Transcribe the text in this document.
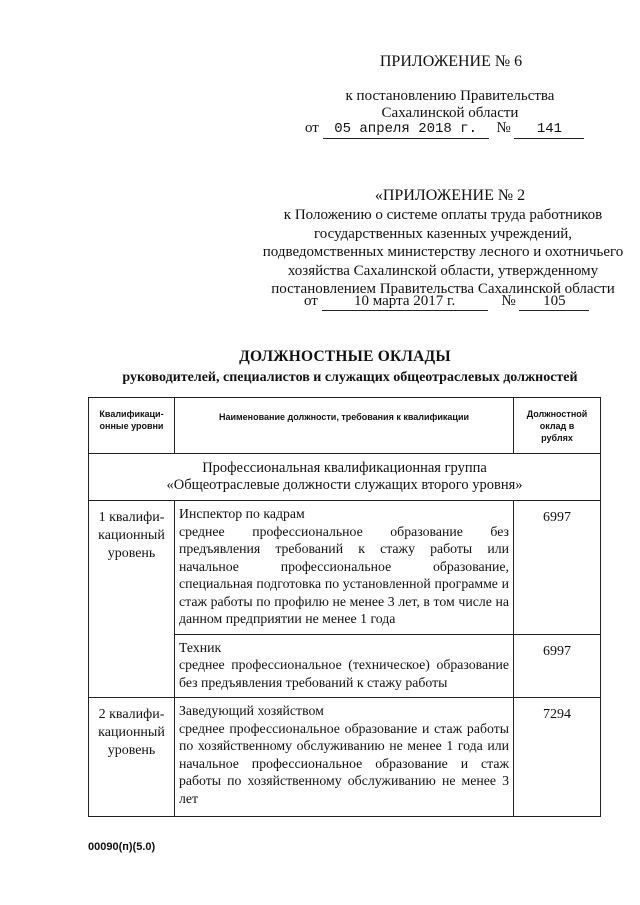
ПРИЛОЖЕНИЕ № 6
к постановлению Правительства
Сахалинской области
от 05 апреля 2018 г. № 141
«ПРИЛОЖЕНИЕ № 2
к Положению о системе оплаты труда работников
государственных казенных учреждений,
подведомственных министерству лесного и охотничьего
хозяйства Сахалинской области, утвержденному
постановлением Правительства Сахалинской области
от 10 марта 2017 г.	№ 105
ДОЛЖНОСТНЫЕ ОКЛАДЫ
руководителей, специалистов и служащих общеотраслевых должностей
Квалификаци-онные уровни	Наименование должности, требования к квалификации	Должностной оклад в рублях

Профессиональная квалификационная группа
«Общеотраслевые должности служащих второго уровня»		

1 квалифи-кационный уровень	Инспектор по кадрам
среднее профессиональное образование без предъявления требований к стажу работы или начальное профессиональное образование, специальная подготовка по установленной программе и стаж работы по профилю не менее 3 лет, в том числе на данном предприятии не менее 1 года	6997

	Техник
среднее профессиональное (техническое) образование без предъявления требований к стажу работы	6997

2 квалифи-кационный уровень	Заведующий хозяйством
среднее профессиональное образование и стаж работы по хозяйственному обслуживанию не менее 1 года или начальное профессиональное образование и стаж работы по хозяйственному обслуживанию не менее 3 лет	7294
00090(п)(5.0)
